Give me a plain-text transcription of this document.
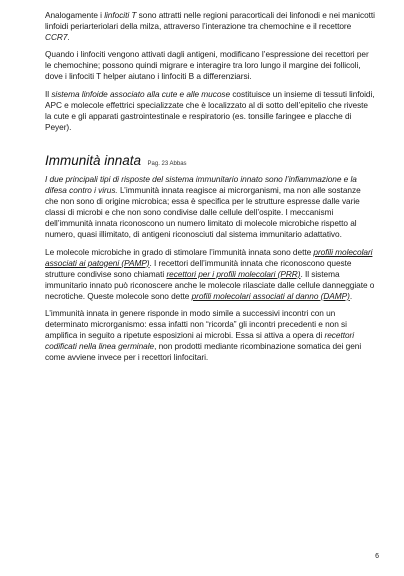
Analogamente i linfociti T sono attratti nelle regioni paracorticali dei linfonodi e nei manicotti linfoidi periarteriolari della milza, attraverso l’interazione tra chemochine e il recettore CCR7.

Quando i linfociti vengono attivati dagli antigeni, modificano l’espressione dei recettori per le chemochine; possono quindi migrare e interagire tra loro lungo il margine dei follicoli, dove i linfociti T helper aiutano i linfociti B a differenziarsi.

Il sistema linfoide associato alla cute e alle mucose costituisce un insieme di tessuti linfoidi, APC e molecole effettrici specializzate che è localizzato al di sotto dell’epitelio che riveste la cute e gli apparati gastrointestinale e respiratorio (es. tonsille faringee e placche di Peyer).

Immunità innata Pag. 23 Abbas

I due principali tipi di risposte del sistema immunitario innato sono l’infiammazione e la difesa contro i virus. L’immunità innata reagisce ai microrganismi, ma non alle sostanze che non sono di origine microbica; essa è specifica per le strutture espresse dalle varie classi di microbi e che non sono condivise dalle cellule dell’ospite. I meccanismi dell’immunità innata riconoscono un numero limitato di molecole microbiche rispetto al numero, quasi illimitato, di antigeni riconosciuti dal sistema immunitario adattativo.

Le molecole microbiche in grado di stimolare l’immunità innata sono dette profili molecolari associati ai patogeni (PAMP). I recettori dell’immunità innata che riconoscono queste strutture condivise sono chiamati recettori per i profili molecolari (PRR). Il sistema immunitario innato può riconoscere anche le molecole rilasciate dalle cellule danneggiate o necrotiche. Queste molecole sono dette profili molecolari associati al danno (DAMP).

L’immunità innata in genere risponde in modo simile a successivi incontri con un determinato microrganismo: essa infatti non “ricorda” gli incontri precedenti e non si amplifica in seguito a ripetute esposizioni ai microbi. Essa si attiva a opera di recettori codificati nella linea germinale, non prodotti mediante ricombinazione somatica dei geni come avviene invece per i recettori linfocitari.

6
